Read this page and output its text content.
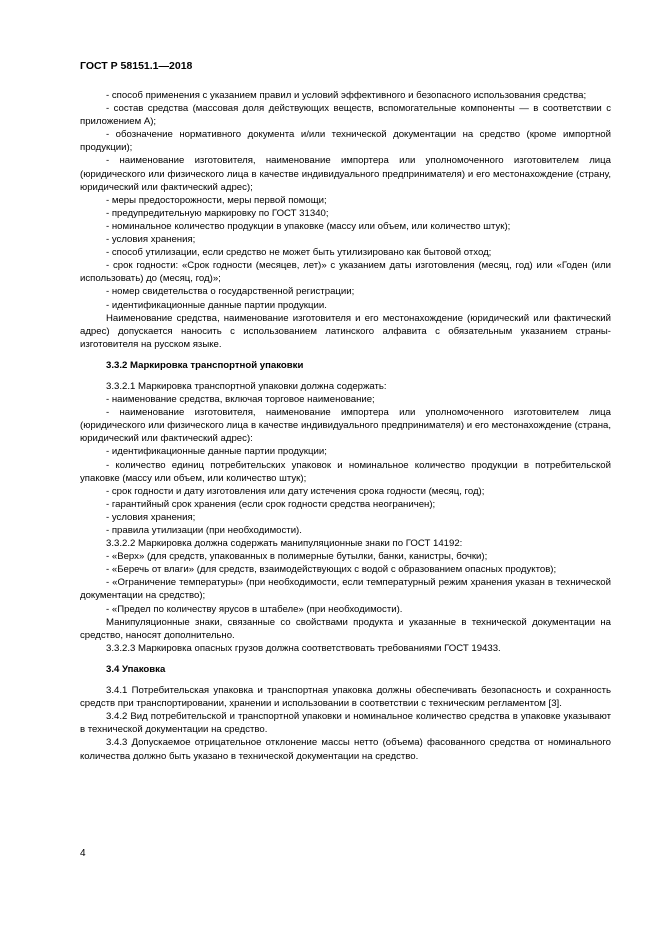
ГОСТ Р 58151.1—2018

- способ применения с указанием правил и условий эффективного и безопасного использования средства;

- состав средства (массовая доля действующих веществ, вспомогательные компоненты — в соответствии с приложением А);

- обозначение нормативного документа и/или технической документации на средство (кроме импортной продукции);

- наименование изготовителя, наименование импортера или уполномоченного изготовителем лица (юридического или физического лица в качестве индивидуального предпринимателя) и его местонахождение (страну, юридический или фактический адрес);

- меры предосторожности, меры первой помощи;

- предупредительную маркировку по ГОСТ 31340;

- номинальное количество продукции в упаковке (массу или объем, или количество штук);

- условия хранения;

- способ утилизации, если средство не может быть утилизировано как бытовой отход;

- срок годности: «Срок годности (месяцев, лет)» с указанием даты изготовления (месяц, год) или «Годен (или использовать) до (месяц, год)»;

- номер свидетельства о государственной регистрации;

- идентификационные данные партии продукции.

Наименование средства, наименование изготовителя и его местонахождение (юридический или фактический адрес) допускается наносить с использованием латинского алфавита с обязательным указанием страны-изготовителя на русском языке.

3.3.2 Маркировка транспортной упаковки

3.3.2.1 Маркировка транспортной упаковки должна содержать:

- наименование средства, включая торговое наименование;

- наименование изготовителя, наименование импортера или уполномоченного изготовителем лица (юридического или физического лица в качестве индивидуального предпринимателя) и его местонахождение (страна, юридический или фактический адрес):

- идентификационные данные партии продукции;

- количество единиц потребительских упаковок и номинальное количество продукции в потребительской упаковке (массу или объем, или количество штук);

- срок годности и дату изготовления или дату истечения срока годности (месяц, год);

- гарантийный срок хранения (если срок годности средства неограничен);

- условия хранения;

- правила утилизации (при необходимости).

3.3.2.2 Маркировка должна содержать манипуляционные знаки по ГОСТ 14192:

- «Верх» (для средств, упакованных в полимерные бутылки, банки, канистры, бочки);

- «Беречь от влаги» (для средств, взаимодействующих с водой с образованием опасных продуктов);

- «Ограничение температуры» (при необходимости, если температурный режим хранения указан в технической документации на средство);

- «Предел по количеству ярусов в штабеле» (при необходимости).

Манипуляционные знаки, связанные со свойствами продукта и указанные в технической документации на средство, наносят дополнительно.

3.3.2.3 Маркировка опасных грузов должна соответствовать требованиями ГОСТ 19433.

3.4 Упаковка

3.4.1 Потребительская упаковка и транспортная упаковка должны обеспечивать безопасность и сохранность средств при транспортировании, хранении и использовании в соответствии с техническим регламентом [3].

3.4.2 Вид потребительской и транспортной упаковки и номинальное количество средства в упаковке указывают в технической документации на средство.

3.4.3 Допускаемое отрицательное отклонение массы нетто (объема) фасованного средства от номинального количества должно быть указано в технической документации на средство.

4
